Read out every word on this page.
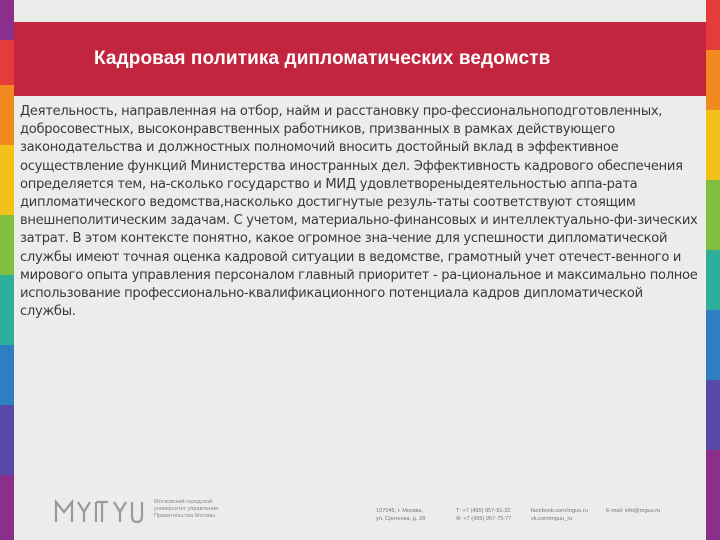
Кадровая политика дипломатических ведомств

Деятельность, направленная на отбор, найм и расстановку про-фессиональноподготовленных, добросовестных, высоконравственных работников, призванных в рамках действующего законодательства и должностных полномочий вносить достойный вклад в эффективное осуществление функций Министерства иностранных дел. Эффективность кадрового обеспечения определяется тем, на-сколько государство и МИД удовлетвореныдеятельностью аппа-рата дипломатического ведомства,насколько достигнутые резуль-таты соответствуют стоящим внешнеполитическим задачам. С учетом, материально-финансовых и интеллектуально-фи-зических затрат. В этом контексте понятно, какое огромное зна-чение для успешности дипломатической службы имеют точная оценка кадровой ситуации в ведомстве, грамотный учет отечест-венного и мирового опыта управления персоналом главный приоритет - ра-циональное и максимально полное использование профессионально-квалификационного потенциала кадров дипломатической службы.

Московский городской
университет управления
Правительства Москвы
107045, г. Москва,
ул. Сретенка, д. 28
Т: +7 (495) 957-91-32
Ф: +7 (495) 957-75-77
facebook.com/mguu.ru
vk.com/mguu_ru
E-mail: info@mguu.ru
